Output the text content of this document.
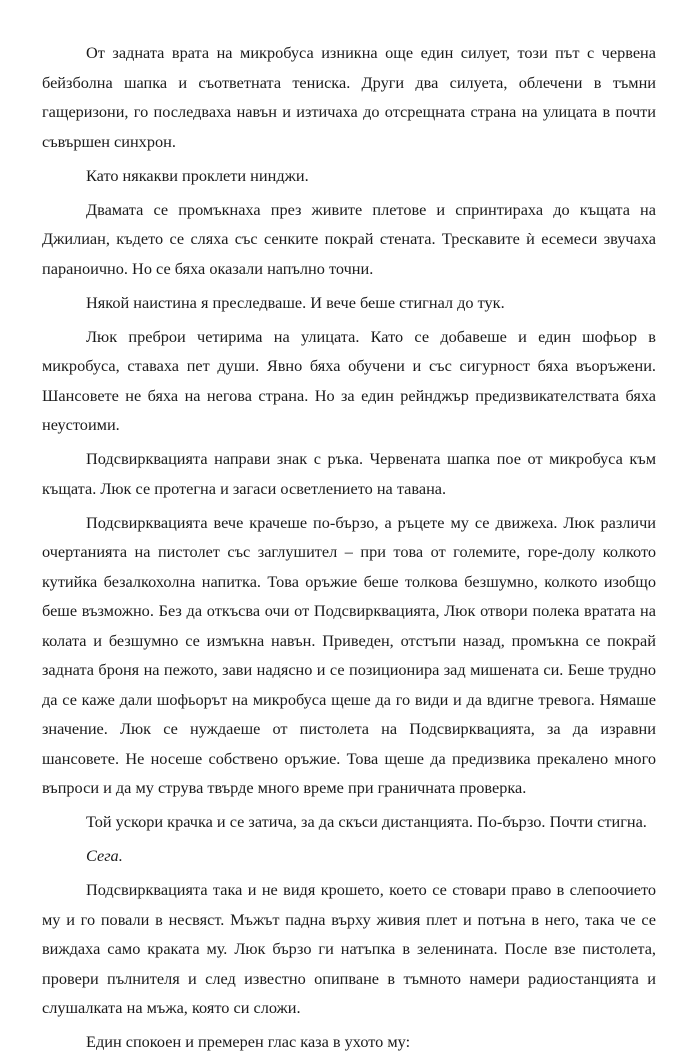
От задната врата на микробуса изникна още един силует, този път с червена бейзболна шапка и съответната тениска. Други два силуета, облечени в тъмни гащеризони, го последваха навън и изтичаха до отсрещната страна на улицата в почти съвършен синхрон.

Като някакви проклети нинджи.

Двамата се промъкнаха през живите плетове и спринтираха до къщата на Джилиан, където се сляха със сенките покрай стената. Трескавите ѝ есемеси звучаха параноично. Но се бяха оказали напълно точни.

Някой наистина я преследваше. И вече беше стигнал до тук.

Люк преброи четирима на улицата. Като се добавеше и един шофьор в микробуса, ставаха пет души. Явно бяха обучени и със сигурност бяха въоръжени. Шансовете не бяха на негова страна. Но за един рейнджър предизвикателствата бяха неустоими.

Подсвирквацията направи знак с ръка. Червената шапка пое от микробуса към къщата. Люк се протегна и загаси осветлението на тавана.

Подсвирквацията вече крачеше по-бързо, а ръцете му се движеха. Люк различи очертанията на пистолет със заглушител – при това от големите, горе-долу колкото кутийка безалкохолна напитка. Това оръжие беше толкова безшумно, колкото изобщо беше възможно. Без да откъсва очи от Подсвирквацията, Люк отвори полека вратата на колата и безшумно се измъкна навън. Приведен, отстъпи назад, промъкна се покрай задната броня на пежото, зави надясно и се позиционира зад мишената си. Беше трудно да се каже дали шофьорът на микробуса щеше да го види и да вдигне тревога. Нямаше значение. Люк се нуждаеше от пистолета на Подсвирквацията, за да изравни шансовете. Не носеше собствено оръжие. Това щеше да предизвика прекалено много въпроси и да му струва твърде много време при граничната проверка.

Той ускори крачка и се затича, за да скъси дистанцията. По-бързо. Почти стигна.

Сега.

Подсвирквацията така и не видя крошето, което се стовари право в слепоочието му и го повали в несвяст. Мъжът падна върху живия плет и потъна в него, така че се виждаха само краката му. Люк бързо ги натъпка в зеленината. После взе пистолета, провери пълнителя и след известно опипване в тъмното намери радиостанцията и слушалката на мъжа, която си сложи.

Един спокоен и премерен глас каза в ухото му:
